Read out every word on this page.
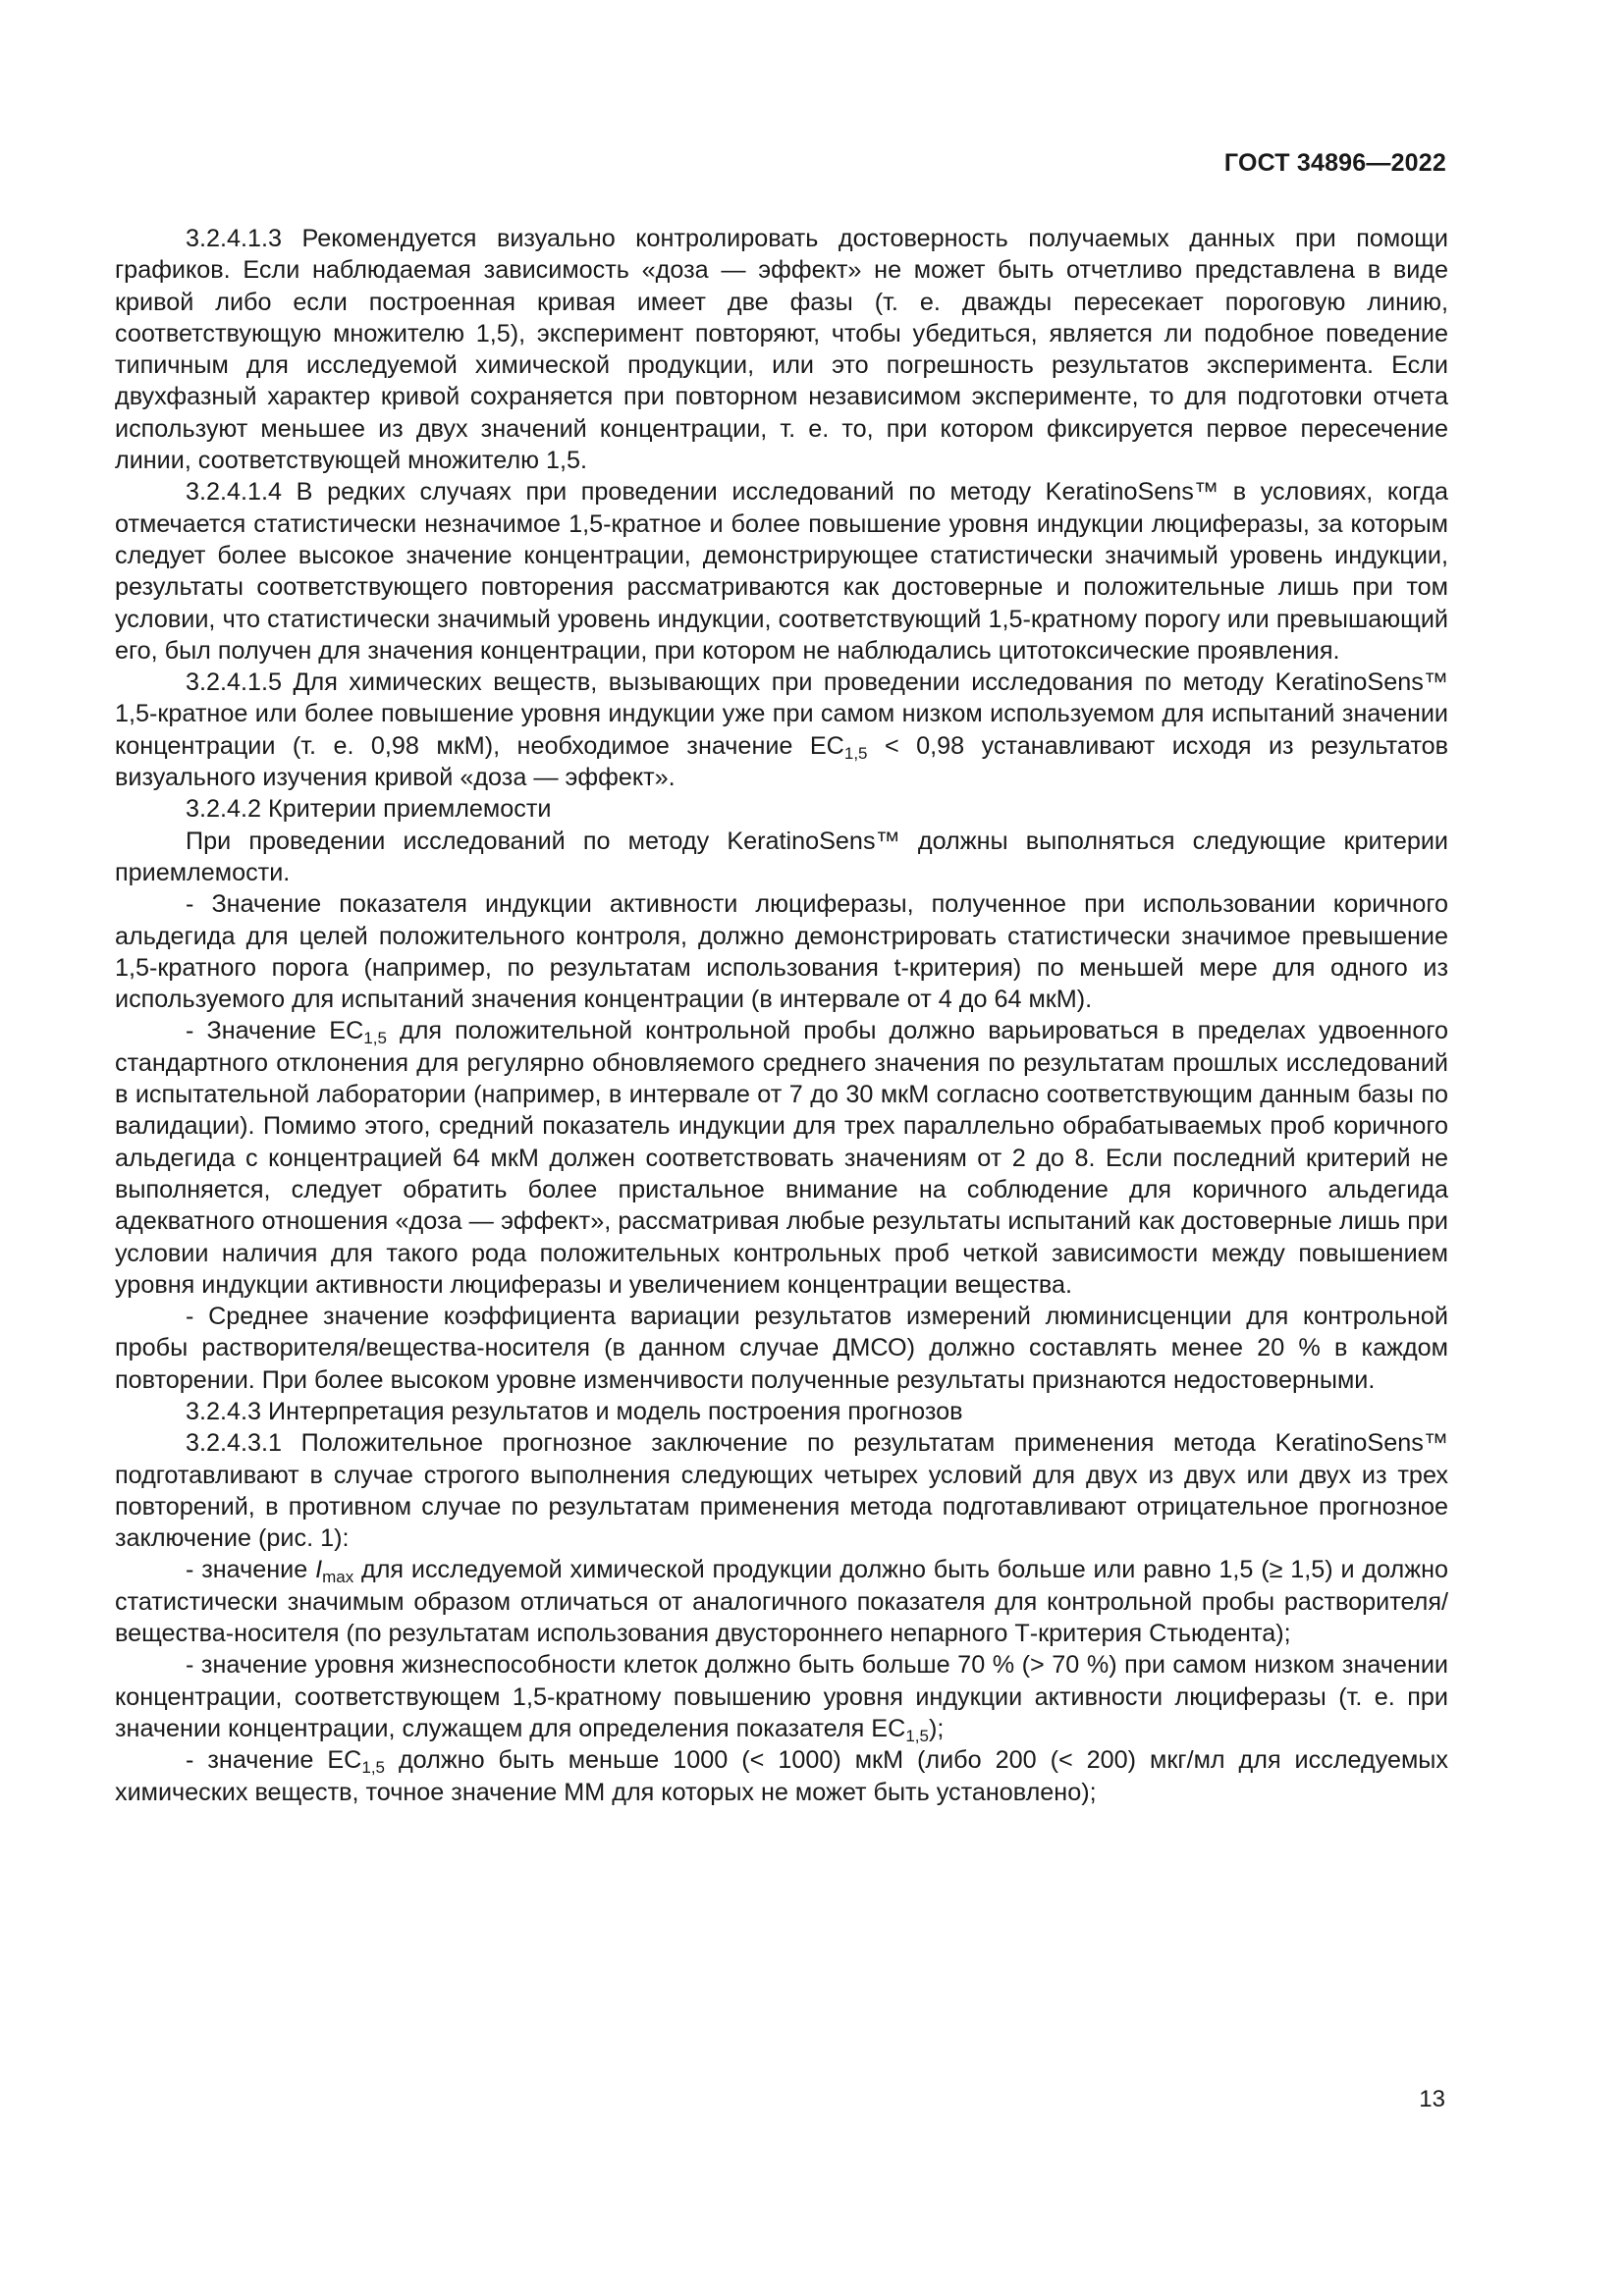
ГОСТ 34896—2022

3.2.4.1.3 Рекомендуется визуально контролировать достоверность получаемых данных при помощи графиков. Если наблюдаемая зависимость «доза — эффект» не может быть отчетливо представлена в виде кривой либо если построенная кривая имеет две фазы (т. е. дважды пересекает пороговую линию, соответствующую множителю 1,5), эксперимент повторяют, чтобы убедиться, является ли подобное поведение типичным для исследуемой химической продукции, или это погрешность результатов эксперимента. Если двухфазный характер кривой сохраняется при повторном независимом эксперименте, то для подготовки отчета используют меньшее из двух значений концентрации, т. е. то, при котором фиксируется первое пересечение линии, соответствующей множителю 1,5.

3.2.4.1.4 В редких случаях при проведении исследований по методу KeratinoSens™ в условиях, когда отмечается статистически незначимое 1,5-кратное и более повышение уровня индукции люциферазы, за которым следует более высокое значение концентрации, демонстрирующее статистически значимый уровень индукции, результаты соответствующего повторения рассматриваются как достоверные и положительные лишь при том условии, что статистически значимый уровень индукции, соответствующий 1,5-кратному порогу или превышающий его, был получен для значения концентрации, при котором не наблюдались цитотоксические проявления.

3.2.4.1.5 Для химических веществ, вызывающих при проведении исследования по методу KeratinoSens™ 1,5-кратное или более повышение уровня индукции уже при самом низком используемом для испытаний значении концентрации (т. е. 0,98 мкМ), необходимое значение $EC_{1,5} < 0,98$ устанавливают исходя из результатов визуального изучения кривой «доза — эффект».

3.2.4.2 Критерии приемлемости

При проведении исследований по методу KeratinoSens™ должны выполняться следующие критерии приемлемости.

- Значение показателя индукции активности люциферазы, полученное при использовании коричного альдегида для целей положительного контроля, должно демонстрировать статистически значимое превышение 1,5-кратного порога (например, по результатам использования t-критерия) по меньшей мере для одного из используемого для испытаний значения концентрации (в интервале от 4 до 64 мкМ).

- Значение $EC_{1,5}$ для положительной контрольной пробы должно варьироваться в пределах удвоенного стандартного отклонения для регулярно обновляемого среднего значения по результатам прошлых исследований в испытательной лаборатории (например, в интервале от 7 до 30 мкМ согласно соответствующим данным базы по валидации). Помимо этого, средний показатель индукции для трех параллельно обрабатываемых проб коричного альдегида с концентрацией 64 мкМ должен соответствовать значениям от 2 до 8. Если последний критерий не выполняется, следует обратить более пристальное внимание на соблюдение для коричного альдегида адекватного отношения «доза — эффект», рассматривая любые результаты испытаний как достоверные лишь при условии наличия для такого рода положительных контрольных проб четкой зависимости между повышением уровня индукции активности люциферазы и увеличением концентрации вещества.

- Среднее значение коэффициента вариации результатов измерений люминисценции для контрольной пробы растворителя/вещества-носителя (в данном случае ДМСО) должно составлять менее 20 % в каждом повторении. При более высоком уровне изменчивости полученные результаты признаются недостоверными.

3.2.4.3 Интерпретация результатов и модель построения прогнозов

3.2.4.3.1 Положительное прогнозное заключение по результатам применения метода KeratinoSens™ подготавливают в случае строгого выполнения следующих четырех условий для двух из двух или двух из трех повторений, в противном случае по результатам применения метода подготавливают отрицательное прогнозное заключение (рис. 1):

- значение $I_{max}$ для исследуемой химической продукции должно быть больше или равно 1,5 (≥ 1,5) и должно статистически значимым образом отличаться от аналогичного показателя для контрольной пробы растворителя/вещества-носителя (по результатам использования двустороннего непарного Т-критерия Стьюдента);

- значение уровня жизнеспособности клеток должно быть больше 70 % (> 70 %) при самом низком значении концентрации, соответствующем 1,5-кратному повышению уровня индукции активности люциферазы (т. е. при значении концентрации, служащем для определения показателя $EC_{1,5}$);

- значение $EC_{1,5}$ должно быть меньше 1000 (< 1000) мкМ (либо 200 (< 200) мкг/мл для исследуемых химических веществ, точное значение ММ для которых не может быть установлено);

13
